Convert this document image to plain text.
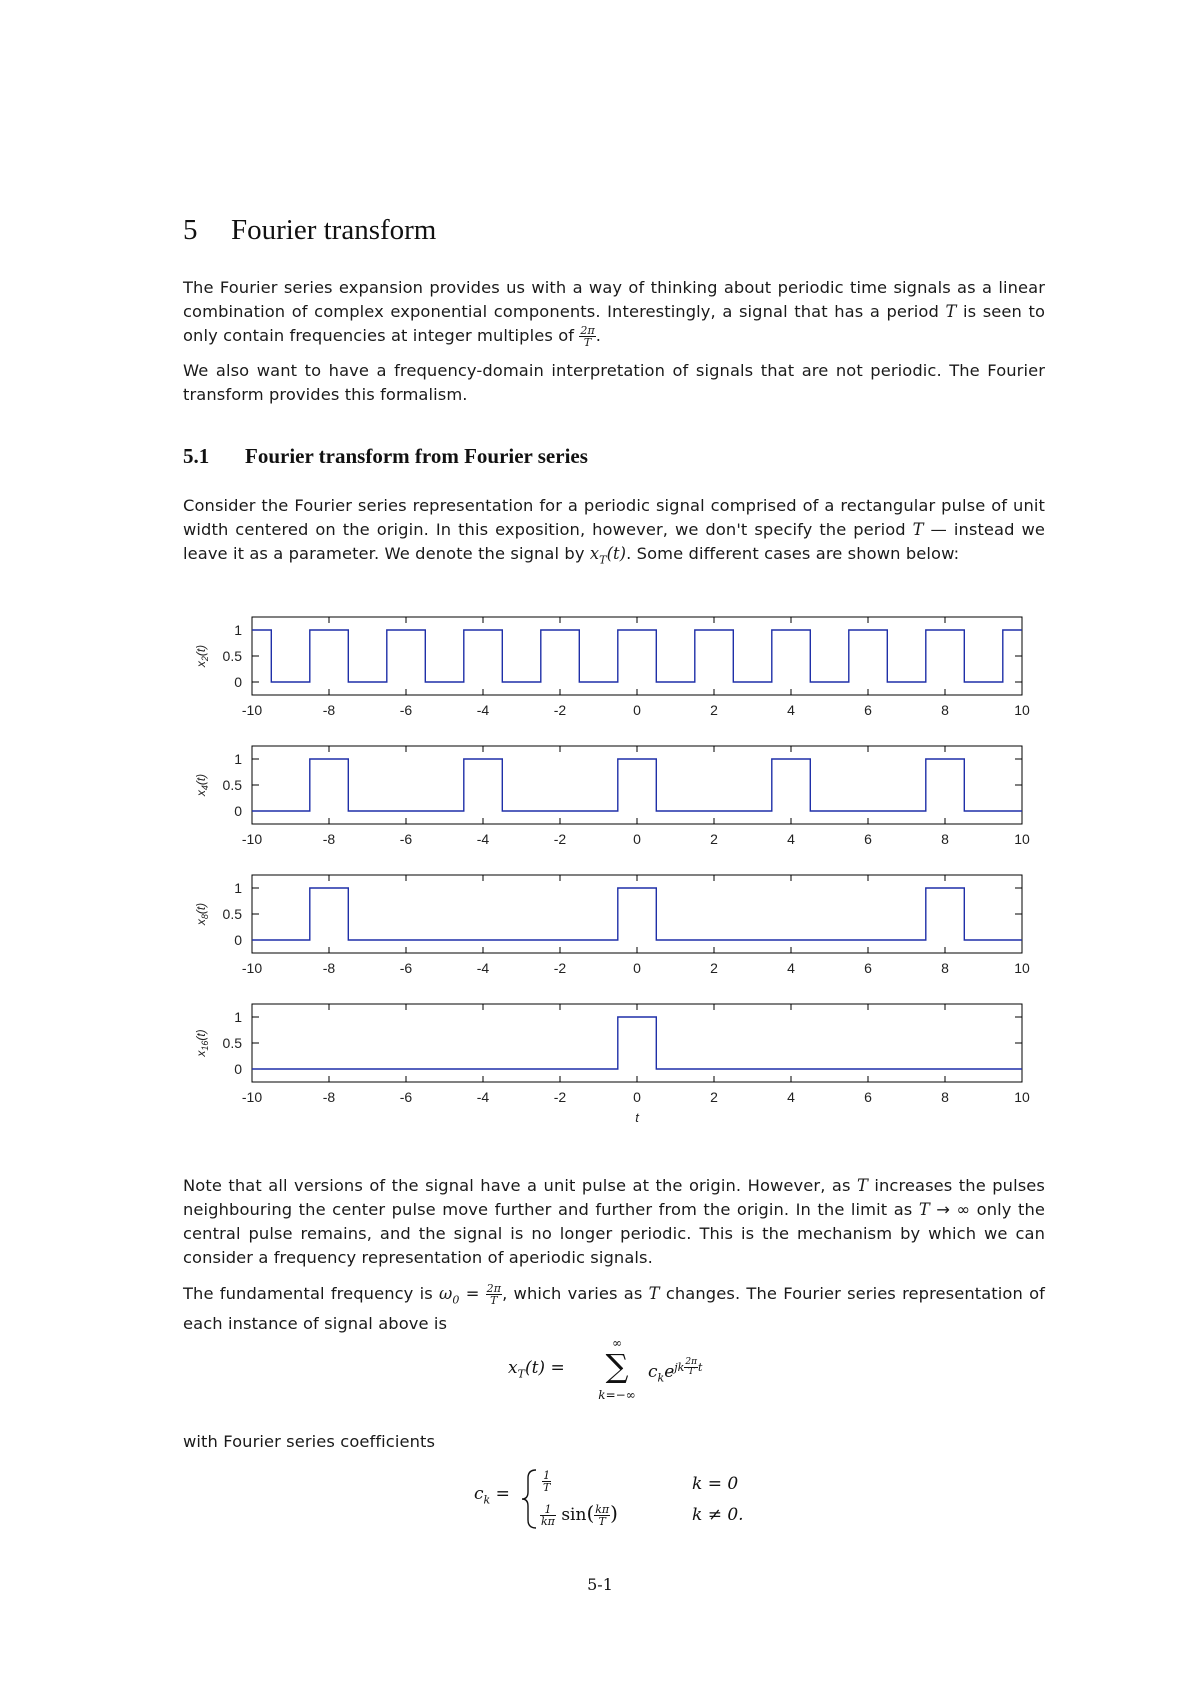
5 Fourier transform
The Fourier series expansion provides us with a way of thinking about periodic time signals as a linear combination of complex exponential components. Interestingly, a signal that has a period T is seen to only contain frequencies at integer multiples of $\frac{2\pi}{T}$ .
We also want to have a frequency-domain interpretation of signals that are not periodic. The Fourier transform provides this formalism.
5.1 Fourier transform from Fourier series
Consider the Fourier series representation for a periodic signal comprised of a rectangular pulse of unit width centered on the origin. In this exposition, however, we don't specify the period T — instead we leave it as a parameter. We denote the signal by $x_T(t)$. Some different cases are shown below:
-10	-8	-6	-4	-2	0	2	4	6	8	10
0
0.5
1
$x_2(t)$
-10	-8	-6	-4	-2	0	2	4	6	8	10
0
0.5
1
$x_4(t)$
-10	-8	-6	-4	-2	0	2	4	6	8	10
0
0.5
1
$x_8(t)$
-10	-8	-6	-4	-2	0	2	4	6	8	10
0
0.5
1
$x_{16}(t)$
t
Note that all versions of the signal have a unit pulse at the origin. However, as T increases the pulses neighbouring the center pulse move further and further from the origin. In the limit as T → ∞ only the central pulse remains, and the signal is no longer periodic. This is the mechanism by which we can consider a frequency representation of aperiodic signals.
The fundamental frequency is $\omega_0 = \frac{2\pi}{T}$ , which varies as T changes. The Fourier series representation of each instance of signal above is
$x_T(t)$ =
∞
∑
k=−∞
$c_ke^{jk \frac{2\pi}{T} t}$
with Fourier series coefficients
$c_k$ =
$\frac{1}{T}$	k = 0
$\frac{1}{k\pi} \sin( \frac{k\pi}{T}$ )	k ≠ 0.
5-1
